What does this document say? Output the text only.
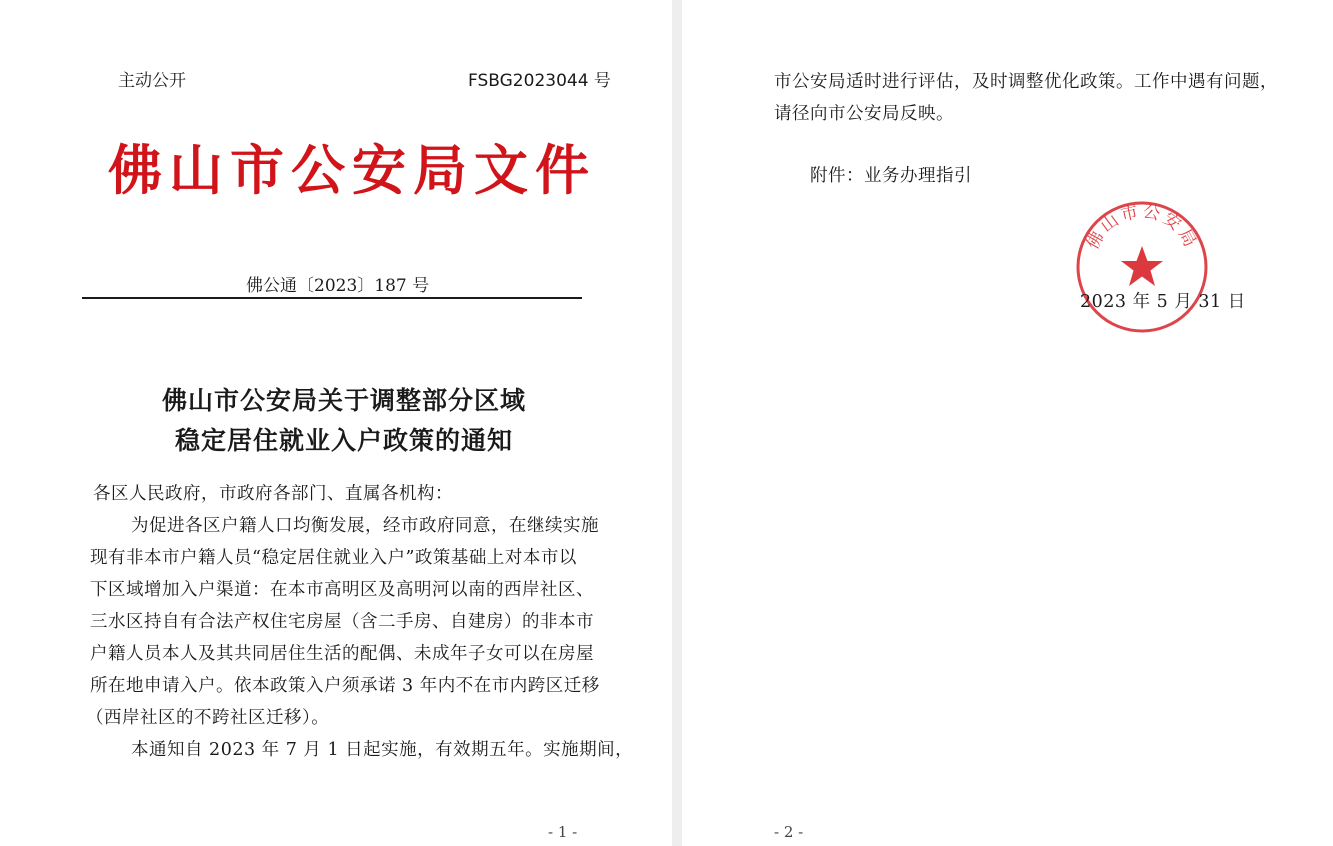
主动公开	FSBG2023044 号
佛山市公安局文件
佛公通〔2023〕187 号
佛山市公安局关于调整部分区域
稳定居住就业入户政策的通知
各区人民政府，市政府各部门、直属各机构：
为促进各区户籍人口均衡发展，经市政府同意，在继续实施
现有非本市户籍人员“稳定居住就业入户”政策基础上对本市以
下区域增加入户渠道：在本市高明区及高明河以南的西岸社区、
三水区持自有合法产权住宅房屋（含二手房、自建房）的非本市
户籍人员本人及其共同居住生活的配偶、未成年子女可以在房屋
所在地申请入户。依本政策入户须承诺 3 年内不在市内跨区迁移
（西岸社区的不跨社区迁移）。
本通知自 2023 年 7 月 1 日起实施，有效期五年。实施期间，
- 1 -
市公安局适时进行评估，及时调整优化政策。工作中遇有问题，
请径向市公安局反映。
附件：业务办理指引
2023 年 5 月 31 日
- 2 -
佛山市公安局
